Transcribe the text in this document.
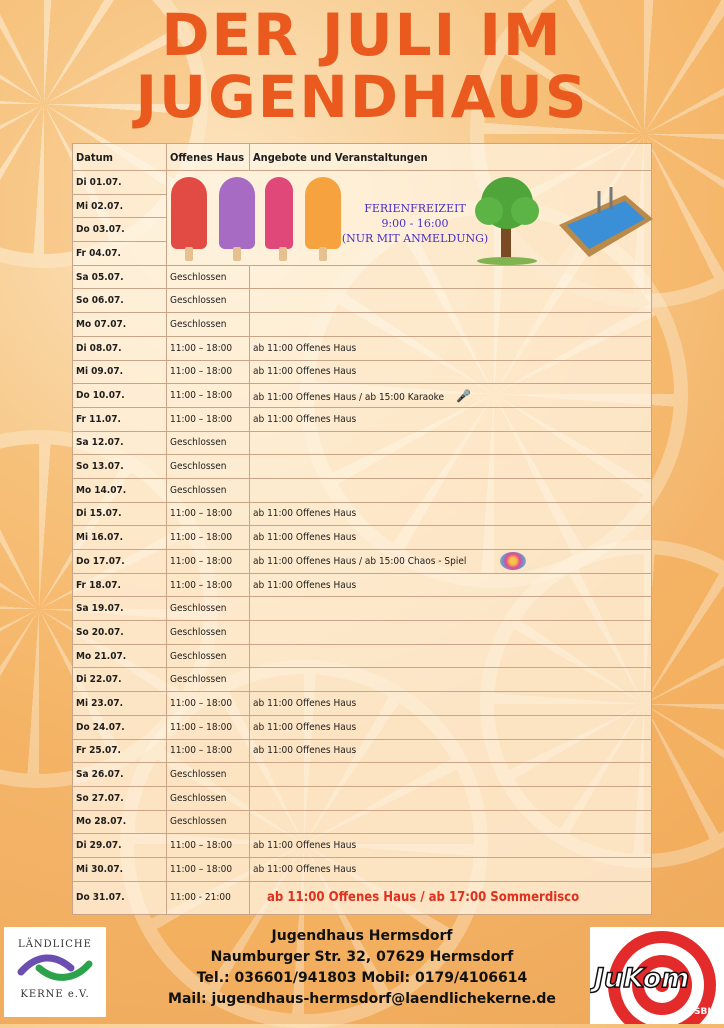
DER JULI IM
JUGENDHAUS
Datum	Offenes Haus	Angebote und Veranstaltungen
Di 01.07.	FERIENFREIZEIT
9:00 - 16:00
(NUR MIT ANMELDUNG)	

Mi 02.07.		
Do 03.07.		
Fr 04.07.		
Sa 05.07.	Geschlossen	
So 06.07.	Geschlossen	
Mo 07.07.	Geschlossen	
Di 08.07.	11:00 – 18:00	ab 11:00 Offenes Haus
Mi 09.07.	11:00 – 18:00	ab 11:00 Offenes Haus
Do 10.07.	11:00 – 18:00	ab 11:00 Offenes Haus / ab 15:00 Karaoke 🎤
Fr 11.07.	11:00 – 18:00	ab 11:00 Offenes Haus
Sa 12.07.	Geschlossen	
So 13.07.	Geschlossen	
Mo 14.07.	Geschlossen	
Di 15.07.	11:00 – 18:00	ab 11:00 Offenes Haus
Mi 16.07.	11:00 – 18:00	ab 11:00 Offenes Haus
Do 17.07.	11:00 – 18:00	ab 11:00 Offenes Haus / ab 15:00 Chaos - Spiel
Fr 18.07.	11:00 – 18:00	ab 11:00 Offenes Haus
Sa 19.07.	Geschlossen	
So 20.07.	Geschlossen	
Mo 21.07.	Geschlossen	
Di 22.07.	Geschlossen	
Mi 23.07.	11:00 – 18:00	ab 11:00 Offenes Haus
Do 24.07.	11:00 – 18:00	ab 11:00 Offenes Haus
Fr 25.07.	11:00 – 18:00	ab 11:00 Offenes Haus
Sa 26.07.	Geschlossen	
So 27.07.	Geschlossen	
Mo 28.07.	Geschlossen	
Di 29.07.	11:00 – 18:00	ab 11:00 Offenes Haus
Mi 30.07.	11:00 – 18:00	ab 11:00 Offenes Haus
Do 31.07.	11:00 - 21:00	ab 11:00 Offenes Haus / ab 17:00 Sommerdisco
LÄNDLICHE
KERNE e.V.
Jugendhaus Hermsdorf
Naumburger Str. 32, 07629 Hermsdorf
Tel.: 036601/941803 Mobil: 0179/4106614
Mail: jugendhaus-hermsdorf@laendlichekerne.de
JuKom
SBK
